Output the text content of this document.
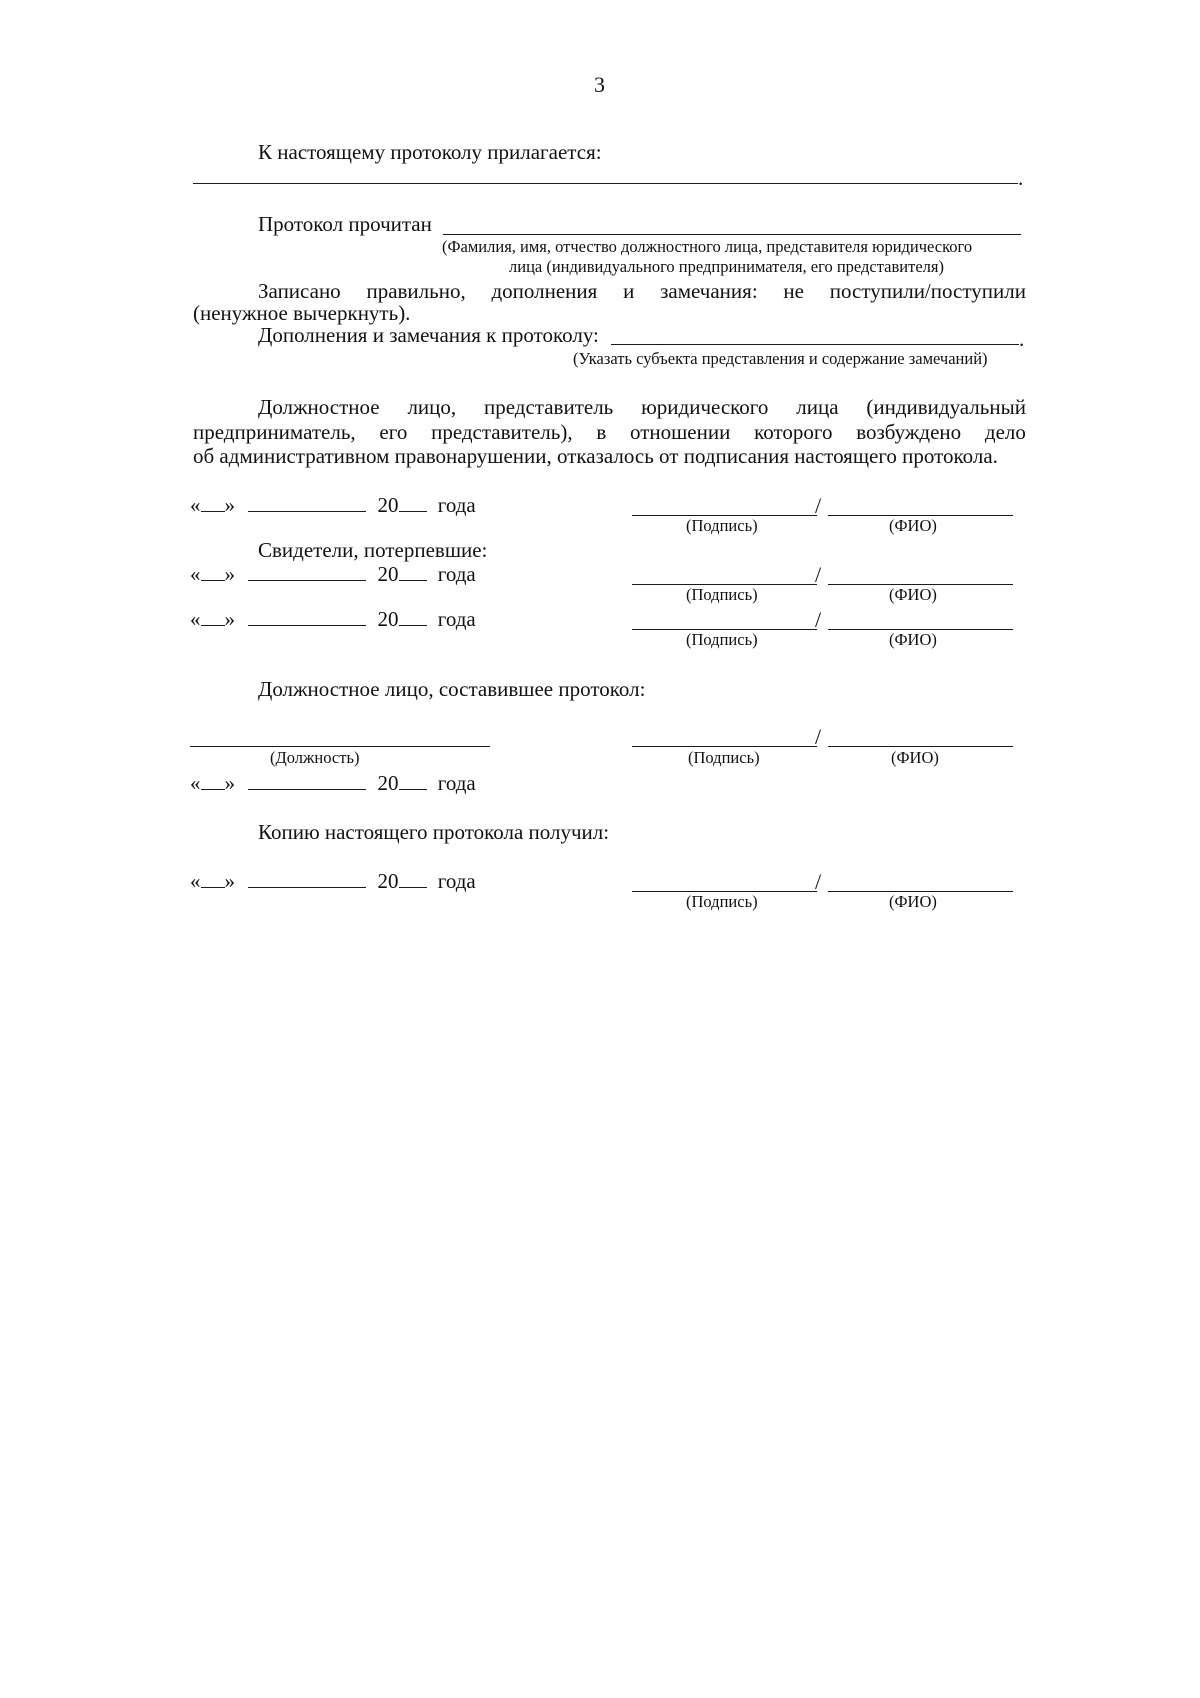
3
К настоящему протоколу прилагается:
.
Протокол прочитан
(Фамилия, имя, отчество должностного лица, представителя юридического
лица (индивидуального предпринимателя, его представителя)
Записано правильно, дополнения и замечания: не поступили/поступили
(ненужное вычеркнуть).
Дополнения и замечания к протоколу:	.
(Указать субъекта представления и содержание замечаний)
Должностное лицо, представитель юридического лица (индивидуальный
предприниматель, его представитель), в отношении которого возбуждено дело
об административном правонарушении, отказалось от подписания настоящего протокола.
« »	20 года	/
(Подпись)	(ФИО)
Свидетели, потерпевшие:
« »	20 года	/
(Подпись)	(ФИО)
« »	20 года	/
(Подпись)	(ФИО)
Должностное лицо, составившее протокол:
(Должность)
/
(Подпись)	(ФИО)
« »	20 года
Копию настоящего протокола получил:
« »	20 года	/
(Подпись)	(ФИО)
